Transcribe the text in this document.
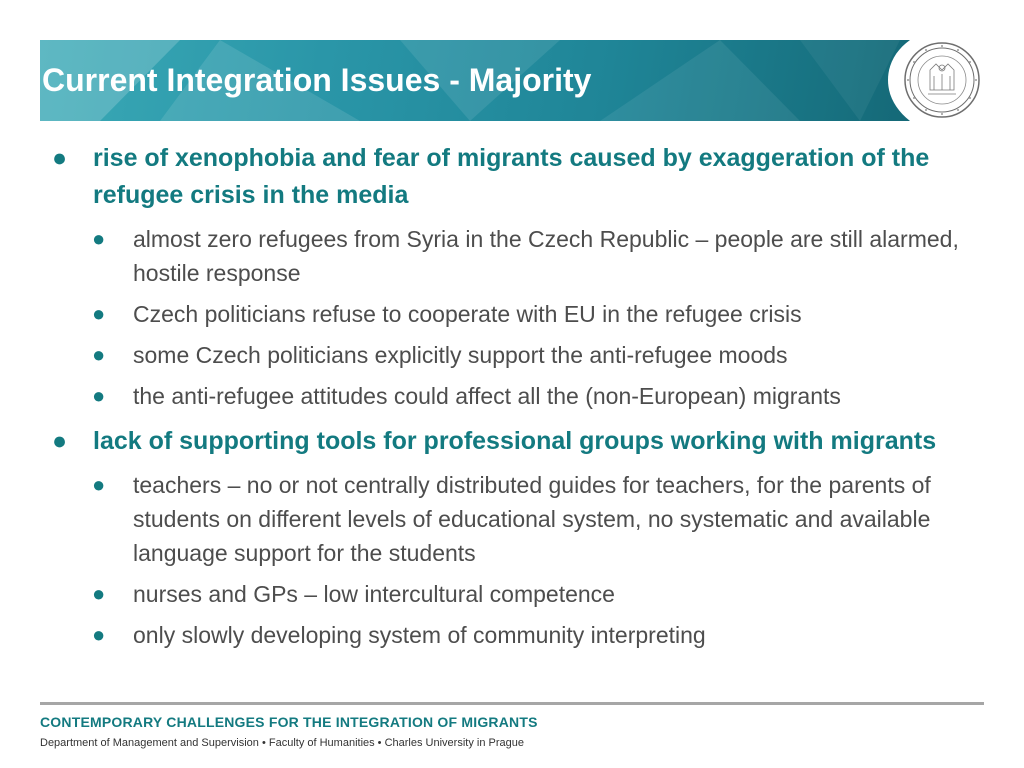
Current Integration Issues - Majority
● rise of xenophobia and fear of migrants caused by exaggeration of the refugee crisis in the media
● almost zero refugees from Syria in the Czech Republic – people are still alarmed, hostile response
● Czech politicians refuse to cooperate with EU in the refugee crisis
● some Czech politicians explicitly support the anti-refugee moods
● the anti-refugee attitudes could affect all the (non-European) migrants
● lack of supporting tools for professional groups working with migrants
● teachers – no or not centrally distributed guides for teachers, for the parents of students on different levels of educational system, no systematic and available language support for the students
● nurses and GPs – low intercultural competence
● only slowly developing system of community interpreting
CONTEMPORARY CHALLENGES FOR THE INTEGRATION OF MIGRANTS
Department of Management and Supervision • Faculty of Humanities • Charles University in Prague
